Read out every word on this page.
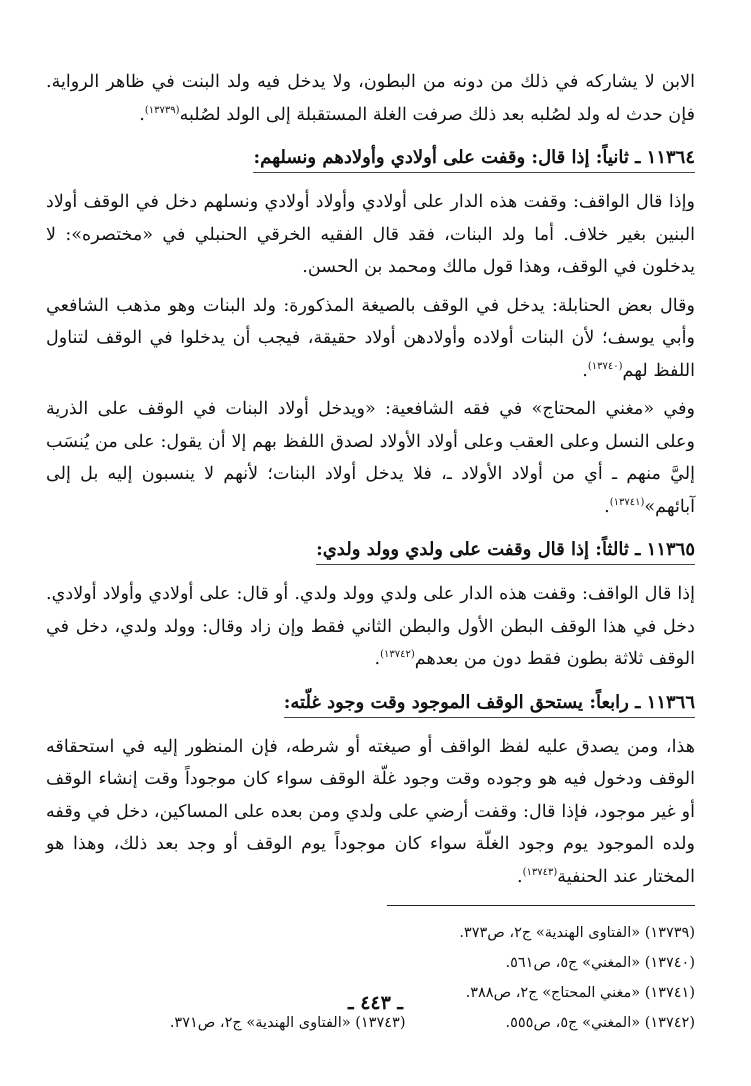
الابن لا يشاركه في ذلك من دونه من البطون، ولا يدخل فيه ولد البنت في ظاهر الرواية. فإن حدث له ولد لصُلبه بعد ذلك صرفت الغلة المستقبلة إلى الولد لصُلبه$^{(١٣٧٣٩)}$.

١١٣٦٤ ـ ثانياً: إذا قال: وقفت على أولادي وأولادهم ونسلهم:

وإذا قال الواقف: وقفت هذه الدار على أولادي وأولاد أولادي ونسلهم دخل في الوقف أولاد البنين بغير خلاف. أما ولد البنات، فقد قال الفقيه الخرقي الحنبلي في «مختصره»: لا يدخلون في الوقف، وهذا قول مالك ومحمد بن الحسن.

وقال بعض الحنابلة: يدخل في الوقف بالصيغة المذكورة: ولد البنات وهو مذهب الشافعي وأبي يوسف؛ لأن البنات أولاده وأولادهن أولاد حقيقة، فيجب أن يدخلوا في الوقف لتناول اللفظ لهم$^{(١٣٧٤٠)}$.

وفي «مغني المحتاج» في فقه الشافعية: «ويدخل أولاد البنات في الوقف على الذرية وعلى النسل وعلى العقب وعلى أولاد الأولاد لصدق اللفظ بهم إلا أن يقول: على من يُنسَب إليَّ منهم ـ أي من أولاد الأولاد ـ، فلا يدخل أولاد البنات؛ لأنهم لا ينسبون إليه بل إلى آبائهم»$^{(١٣٧٤١)}$.

١١٣٦٥ ـ ثالثاً: إذا قال وقفت على ولدي وولد ولدي:

إذا قال الواقف: وقفت هذه الدار على ولدي وولد ولدي. أو قال: على أولادي وأولاد أولادي. دخل في هذا الوقف البطن الأول والبطن الثاني فقط وإن زاد وقال: وولد ولدي، دخل في الوقف ثلاثة بطون فقط دون من بعدهم$^{(١٣٧٤٢)}$.

١١٣٦٦ ـ رابعاً: يستحق الوقف الموجود وقت وجود غلّته:

هذا، ومن يصدق عليه لفظ الواقف أو صيغته أو شرطه، فإن المنظور إليه في استحقاقه الوقف ودخول فيه هو وجوده وقت وجود غلّة الوقف سواء كان موجوداً وقت إنشاء الوقف أو غير موجود، فإذا قال: وقفت أرضي على ولدي ومن بعده على المساكين، دخل في وقفه ولده الموجود يوم وجود الغلّة سواء كان موجوداً يوم الوقف أو وجد بعد ذلك، وهذا هو المختار عند الحنفية$^{(١٣٧٤٣)}$.

(١٣٧٣٩) «الفتاوى الهندية» ج٢، ص٣٧٣.
(١٣٧٤٠) «المغني» ج٥، ص٥٦١.
(١٣٧٤١) «مغني المحتاج» ج٢، ص٣٨٨.
(١٣٧٤٢) «المغني» ج٥، ص٥٥٥.
(١٣٧٤٣) «الفتاوى الهندية» ج٢، ص٣٧١.
ـ ٤٤٣ ـ
